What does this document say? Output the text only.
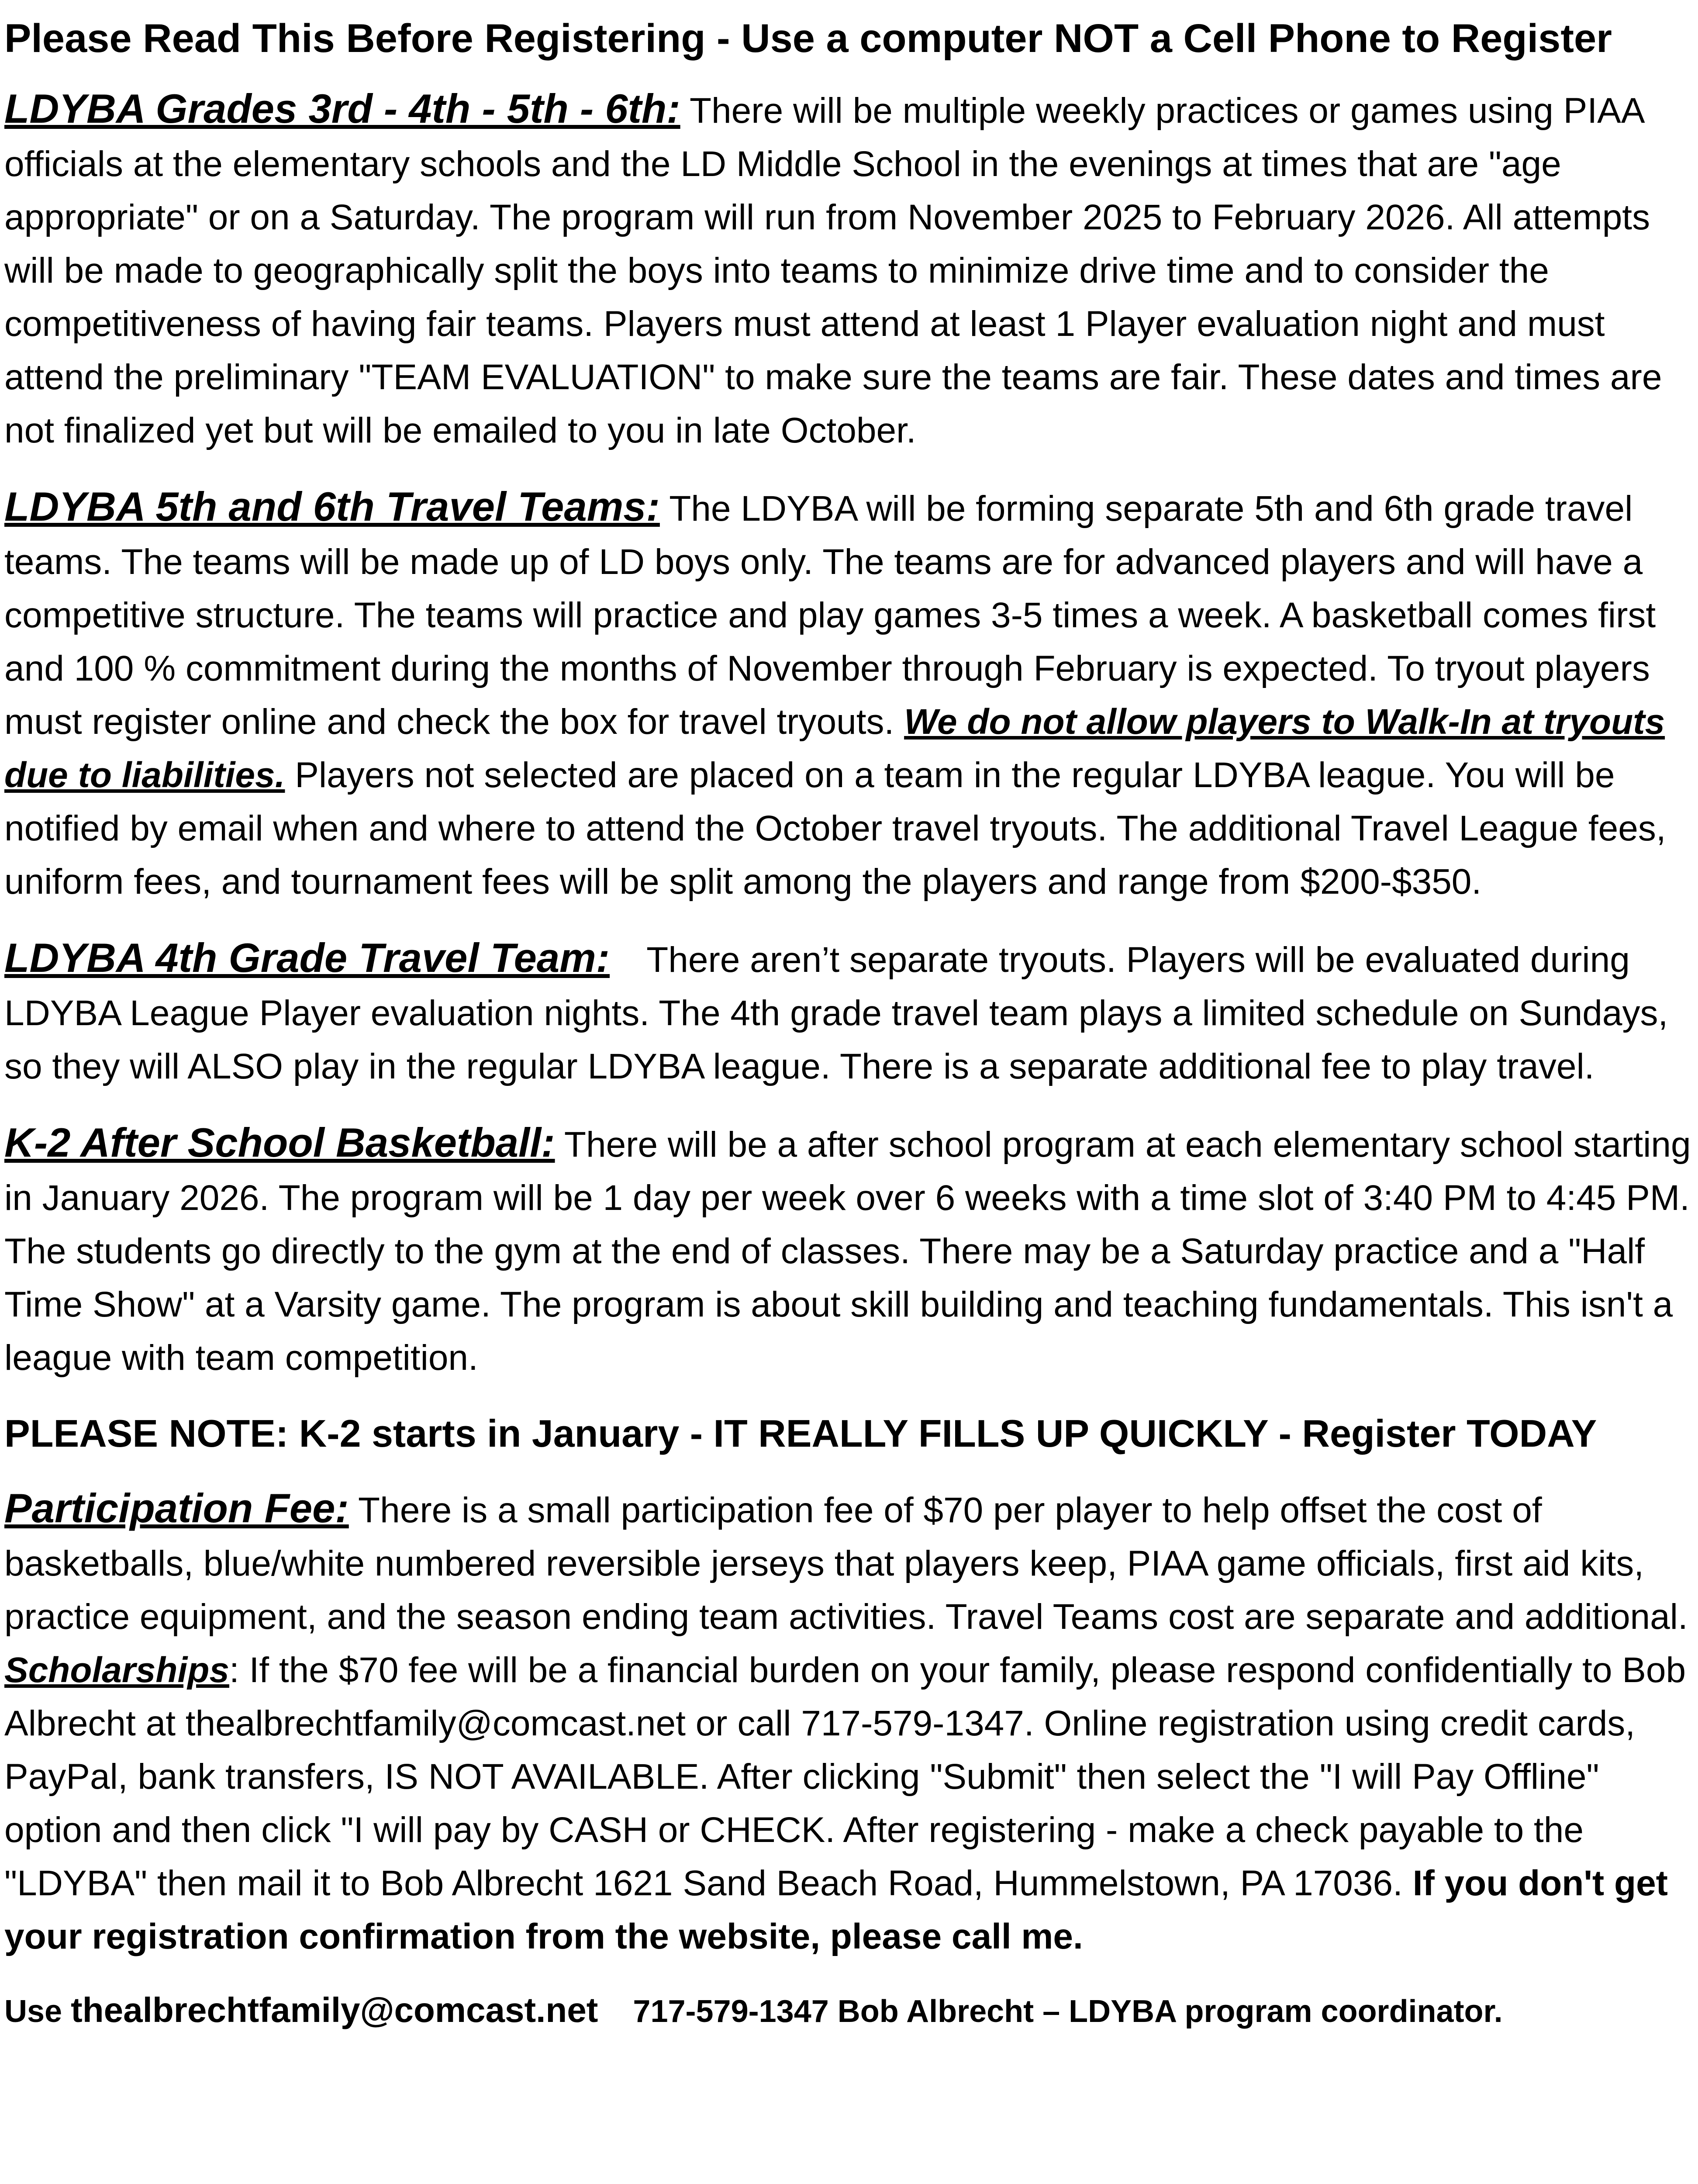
Please Read This Before Registering - Use a computer NOT a Cell Phone to Register

LDYBA Grades 3rd - 4th - 5th - 6th: There will be multiple weekly practices or games using PIAA officials at the elementary schools and the LD Middle School in the evenings at times that are "age appropriate" or on a Saturday. The program will run from November 2025 to February 2026. All attempts will be made to geographically split the boys into teams to minimize drive time and to consider the competitiveness of having fair teams. Players must attend at least 1 Player evaluation night and must attend the preliminary "TEAM EVALUATION" to make sure the teams are fair. These dates and times are not finalized yet but will be emailed to you in late October.

LDYBA 5th and 6th Travel Teams: The LDYBA will be forming separate 5th and 6th grade travel teams. The teams will be made up of LD boys only. The teams are for advanced players and will have a competitive structure. The teams will practice and play games 3-5 times a week. A basketball comes first and 100 % commitment during the months of November through February is expected. To tryout players must register online and check the box for travel tryouts. We do not allow players to Walk-In at tryouts due to liabilities. Players not selected are placed on a team in the regular LDYBA league. You will be notified by email when and where to attend the October travel tryouts. The additional Travel League fees, uniform fees, and tournament fees will be split among the players and range from $200-$350.

LDYBA 4th Grade Travel Team: There aren’t separate tryouts. Players will be evaluated during LDYBA League Player evaluation nights. The 4th grade travel team plays a limited schedule on Sundays, so they will ALSO play in the regular LDYBA league. There is a separate additional fee to play travel.

K-2 After School Basketball: There will be a after school program at each elementary school starting in January 2026. The program will be 1 day per week over 6 weeks with a time slot of 3:40 PM to 4:45 PM. The students go directly to the gym at the end of classes. There may be a Saturday practice and a "Half Time Show" at a Varsity game. The program is about skill building and teaching fundamentals. This isn't a league with team competition.

PLEASE NOTE: K-2 starts in January - IT REALLY FILLS UP QUICKLY - Register TODAY

Participation Fee: There is a small participation fee of $70 per player to help offset the cost of basketballs, blue/white numbered reversible jerseys that players keep, PIAA game officials, first aid kits, practice equipment, and the season ending team activities. Travel Teams cost are separate and additional. Scholarships: If the $70 fee will be a financial burden on your family, please respond confidentially to Bob Albrecht at thealbrechtfamily@comcast.net or call 717-579-1347. Online registration using credit cards, PayPal, bank transfers, IS NOT AVAILABLE. After clicking "Submit" then select the "I will Pay Offline" option and then click "I will pay by CASH or CHECK. After registering - make a check payable to the "LDYBA" then mail it to Bob Albrecht 1621 Sand Beach Road, Hummelstown, PA 17036. If you don't get your registration confirmation from the website, please call me.

Use thealbrechtfamily@comcast.net 717-579-1347 Bob Albrecht – LDYBA program coordinator.
